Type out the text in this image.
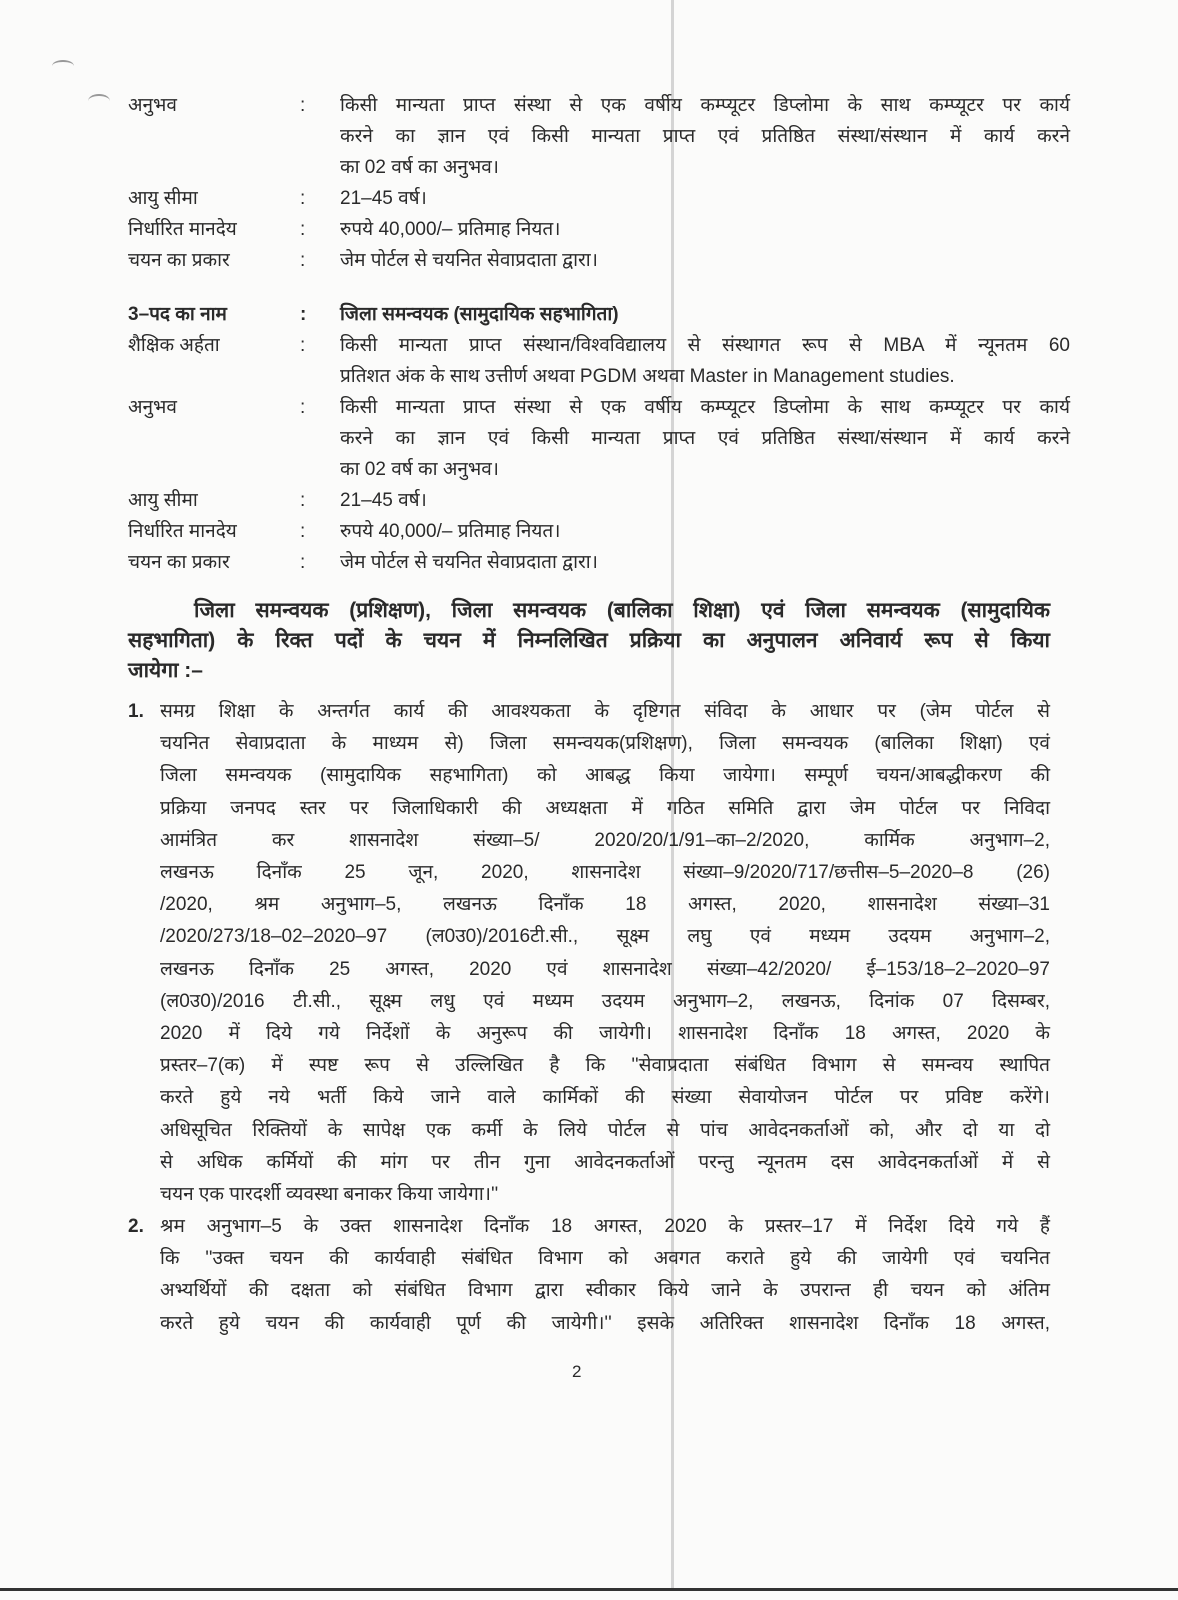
अनुभव	:	किसी मान्यता प्राप्त संस्था से एक वर्षीय कम्प्यूटर डिप्लोमा के साथ कम्प्यूटर पर कार्य
करने का ज्ञान एवं किसी मान्यता प्राप्त एवं प्रतिष्ठित संस्था/संस्थान में कार्य करने
का 02 वर्ष का अनुभव।
आयु सीमा	:	21–45 वर्ष।
निर्धारित मानदेय	:	रुपये 40,000/– प्रतिमाह नियत।
चयन का प्रकार	:	जेम पोर्टल से चयनित सेवाप्रदाता द्वारा।
3–पद का नाम	:	जिला समन्वयक (सामुदायिक सहभागिता)
शैक्षिक अर्हता	:	किसी मान्यता प्राप्त संस्थान/विश्वविद्यालय से संस्थागत रूप से MBA में न्यूनतम 60
प्रतिशत अंक के साथ उत्तीर्ण अथवा PGDM अथवा Master in Management studies.
अनुभव	:	किसी मान्यता प्राप्त संस्था से एक वर्षीय कम्प्यूटर डिप्लोमा के साथ कम्प्यूटर पर कार्य
करने का ज्ञान एवं किसी मान्यता प्राप्त एवं प्रतिष्ठित संस्था/संस्थान में कार्य करने
का 02 वर्ष का अनुभव।
आयु सीमा	:	21–45 वर्ष।
निर्धारित मानदेय	:	रुपये 40,000/– प्रतिमाह नियत।
चयन का प्रकार	:	जेम पोर्टल से चयनित सेवाप्रदाता द्वारा।
जिला समन्वयक (प्रशिक्षण), जिला समन्वयक (बालिका शिक्षा) एवं जिला समन्वयक (सामुदायिक
सहभागिता) के रिक्त पदों के चयन में निम्नलिखित प्रक्रिया का अनुपालन अनिवार्य रूप से किया
जायेगा :–
1. समग्र शिक्षा के अन्तर्गत कार्य की आवश्यकता के दृष्टिगत संविदा के आधार पर (जेम पोर्टल से
चयनित सेवाप्रदाता के माध्यम से) जिला समन्वयक(प्रशिक्षण), जिला समन्वयक (बालिका शिक्षा) एवं
जिला समन्वयक (सामुदायिक सहभागिता) को आबद्ध किया जायेगा। सम्पूर्ण चयन/आबद्धीकरण की
प्रक्रिया जनपद स्तर पर जिलाधिकारी की अध्यक्षता में गठित समिति द्वारा जेम पोर्टल पर निविदा
आमंत्रित कर शासनादेश संख्या–5/ 2020/20/1/91–का–2/2020, कार्मिक अनुभाग–2,
लखनऊ दिनाँक 25 जून, 2020, शासनादेश संख्या–9/2020/717/छत्तीस–5–2020–8 (26)
/2020, श्रम अनुभाग–5, लखनऊ दिनाँक 18 अगस्त, 2020, शासनादेश संख्या–31
/2020/273/18–02–2020–97 (ल0उ0)/2016टी.सी., सूक्ष्म लघु एवं मध्यम उदयम अनुभाग–2,
लखनऊ दिनाँक 25 अगस्त, 2020 एवं शासनादेश संख्या–42/2020/ ई–153/18–2–2020–97
(ल0उ0)/2016 टी.सी., सूक्ष्म लधु एवं मध्यम उदयम अनुभाग–2, लखनऊ, दिनांक 07 दिसम्बर,
2020 में दिये गये निर्देशों के अनुरूप की जायेगी। शासनादेश दिनाँक 18 अगस्त, 2020 के
प्रस्तर–7(क) में स्पष्ट रूप से उल्लिखित है कि ''सेवाप्रदाता संबंधित विभाग से समन्वय स्थापित
करते हुये नये भर्ती किये जाने वाले कार्मिकों की संख्या सेवायोजन पोर्टल पर प्रविष्ट करेंगे।
अधिसूचित रिक्तियों के सापेक्ष एक कर्मी के लिये पोर्टल से पांच आवेदनकर्ताओं को, और दो या दो
से अधिक कर्मियों की मांग पर तीन गुना आवेदनकर्ताओं परन्तु न्यूनतम दस आवेदनकर्ताओं में से
चयन एक पारदर्शी व्यवस्था बनाकर किया जायेगा।''
2. श्रम अनुभाग–5 के उक्त शासनादेश दिनाँक 18 अगस्त, 2020 के प्रस्तर–17 में निर्देश दिये गये हैं
कि ''उक्त चयन की कार्यवाही संबंधित विभाग को अवगत कराते हुये की जायेगी एवं चयनित
अभ्यर्थियों की दक्षता को संबंधित विभाग द्वारा स्वीकार किये जाने के उपरान्त ही चयन को अंतिम
करते हुये चयन की कार्यवाही पूर्ण की जायेगी।'' इसके अतिरिक्त शासनादेश दिनाँक 18 अगस्त,
2
